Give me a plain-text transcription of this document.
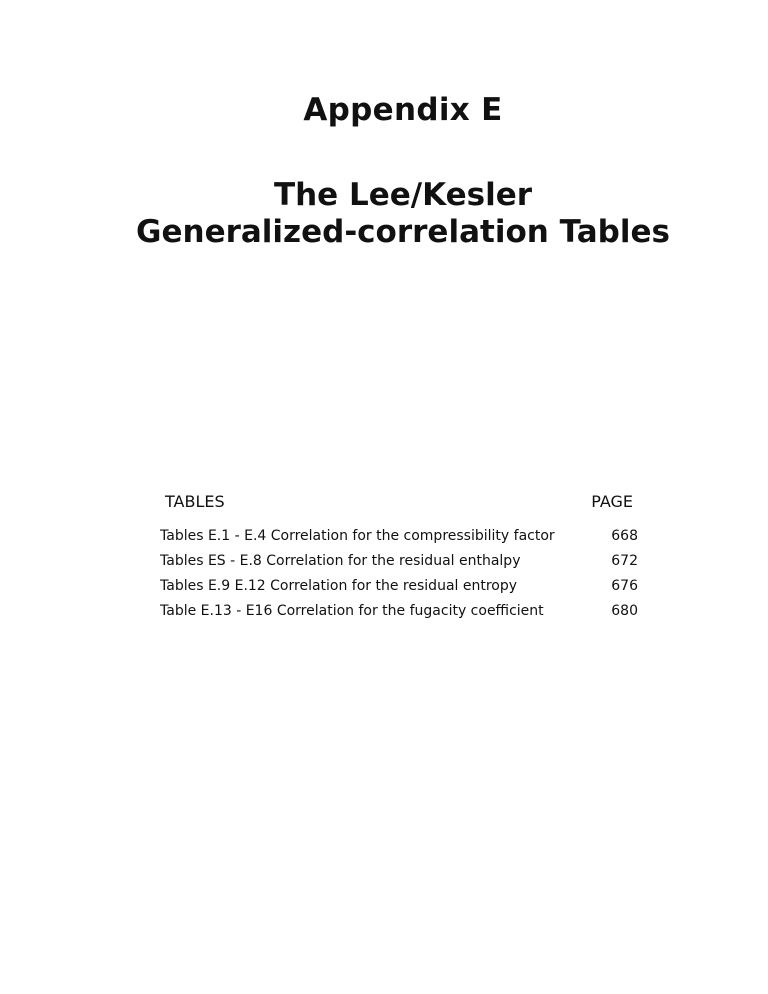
Appendix E
The Lee/Kesler
Generalized-correlation Tables
TABLES	PAGE
Tables E.1 - E.4 Correlation for the compressibility factor	668
Tables ES - E.8 Correlation for the residual enthalpy	672
Tables E.9 E.12 Correlation for the residual entropy	676
Table E.13 - E16 Correlation for the fugacity coefficient	680
